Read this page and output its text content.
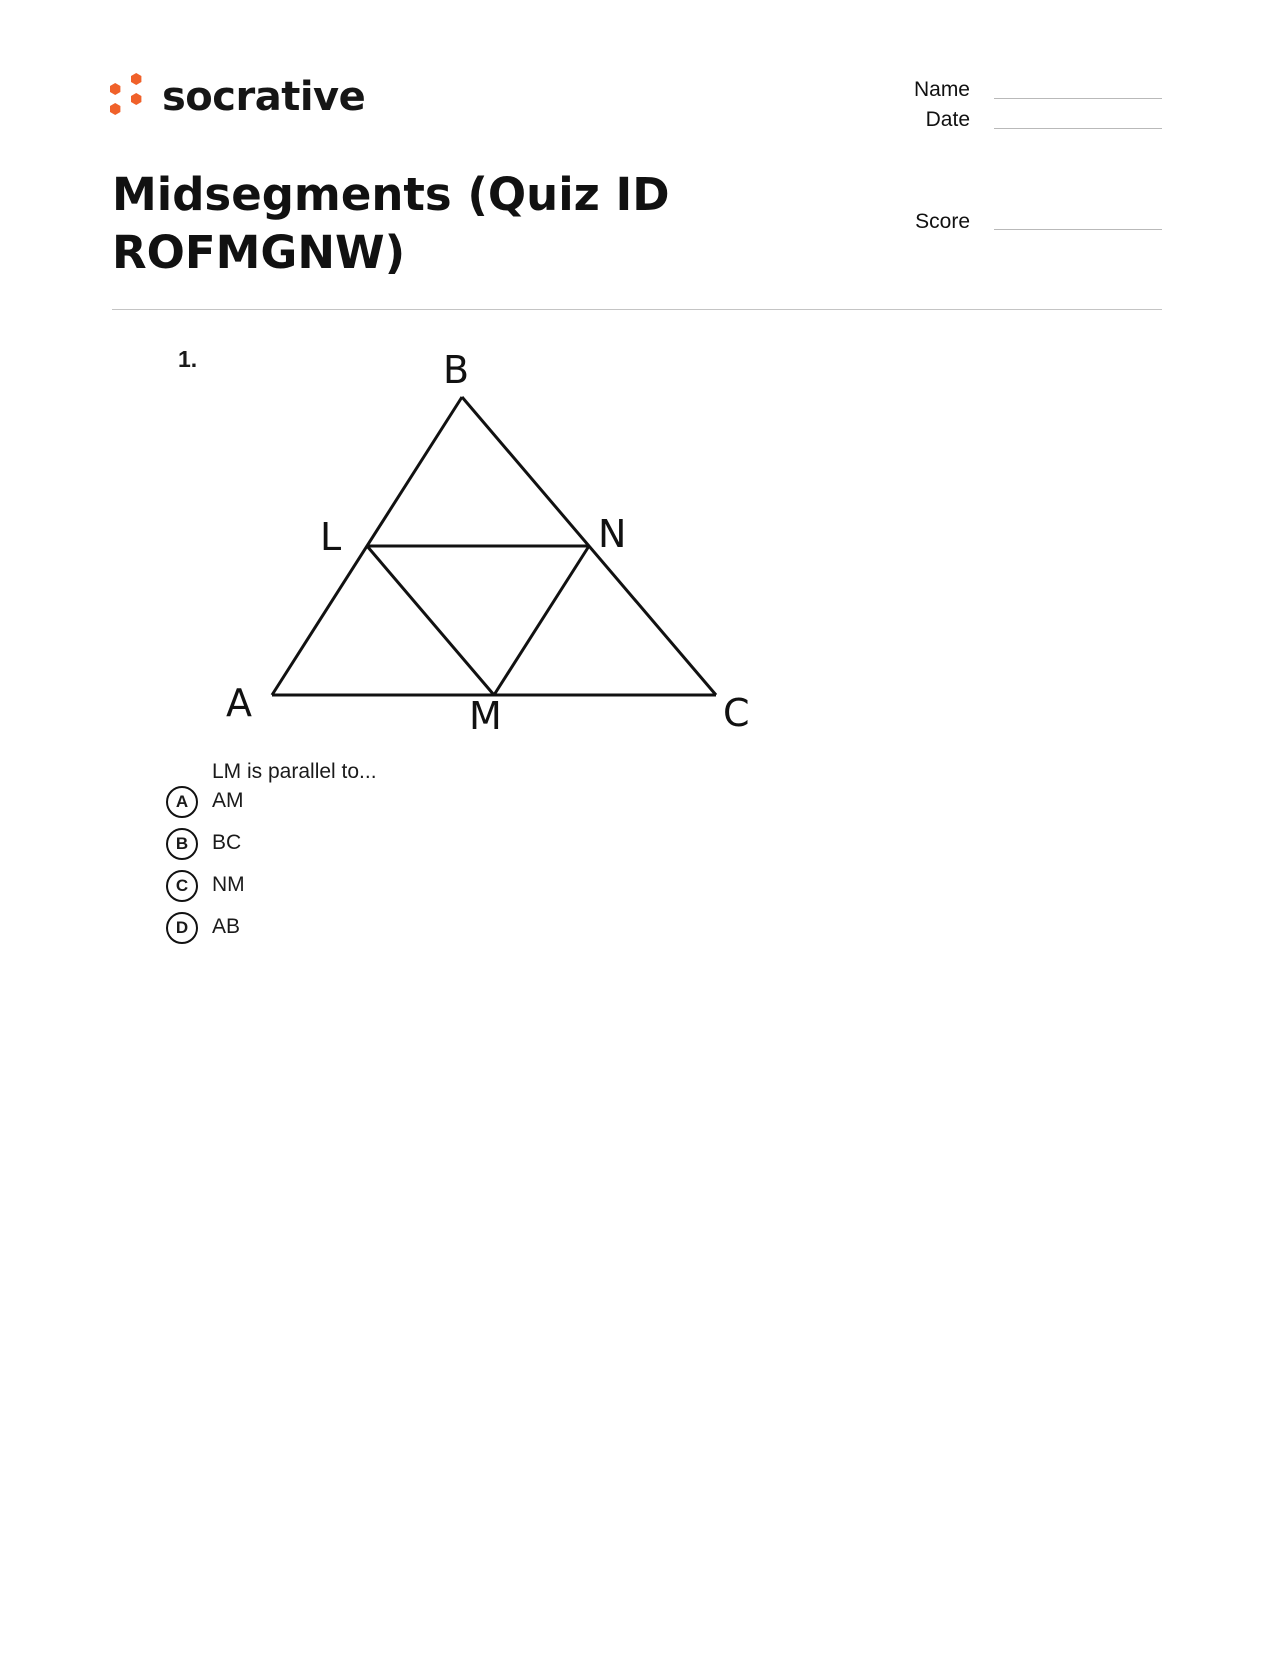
socrative
Midsegments (Quiz ID ROFMGNW)
Name
Date
Score
1.	B
L	N
A	M	C
LM is parallel to...
A	AM
B	BC
C	NM
D	AB
